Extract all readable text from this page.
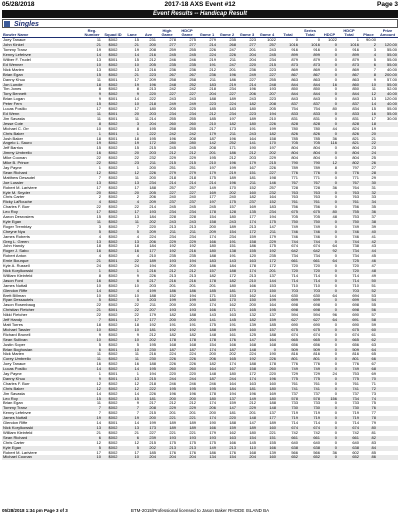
05/28/2018	2017-18 AXS Event #12	Page 3
Event Results -- Handicap Result
Singles
Bowler Name	Reg. Number	Squad ID	Lane	Ave	High Game	HDCP Game	Game 1	Game 2	Game 3	Game 4	Total	Series Total	HDCP	HDCP Total	Place	Prize Amount
Joey Tanaue	11	$002	15	231	278	275	279	235	223	1022	0	0	1022	1	90.00	
John Kinkel	21	$002	21	200	277	277	214	268	277	257	1016	1016	0	1016	2	120.00
Tommy Tranz	19	$002	19	208	259	255	226	247	201	243	916	916	0	916	3	55.00
Kenny Lefebvre	14	$002	14	216	245	245	224	226	204	245	899	899	0	899	4	55.00
Wilber F. Trudel	13	$001	15	212	246	246	219	211	204	234	879	879	0	879	5	55.00
Ed Wenner	10	$002	10	205	235	235	191	247	220	215	873	873	0	873	6	55.00
Nick Marien	13	$002	13	216	236	236	212	201	236	223	869	869	0	869	7	40.00
Brian Egan	15	$002	21	223	267	267	236	196	249	227	867	867	0	867	8	200.00
Danny Khuu	11	$001	17	209	258	258	211	186	227	255	863	863	0	863	9	57.00
Jon Lundie	18	$002	19	196	248	252	183	219	214	248	844	844	16	860	10	55.00
Tim Jones	8	$002	8	213	242	242	218	234	196	193	850	850	0	850	11	52.00
Tony Bennett	9	$002	9	220	227	227	204	227	206	207	844	844	0	844	12	40.00
Brian Logan	9	$001	14	222	243	243	188	189	243	223	843	843	0	843	13	120.00
Peter Fern	15	$002	10	218	249	249	223	224	182	208	837	837	0	837	14	40.00
Lucas Posillo	17	$002	17	180	205	225	185	183	180	205	754	754	80	834	15	55.00
Ed Wenn	11	$001	20	203	234	234	212	234	223	194	833	833	0	833	16	55.00
Jim Savasta	11	$001	11	214	255	255	185	197	189	210	831	831	0	831	17	30.00
Jesse Cote	8	$002	3	204	260	260	210	182	180	226	828	828	0	828	18	
Michael C. Orr	10	$002	8	195	258	255	217	173	191	199	780	780	44	824	19	
Chris Baker	1	$001	1	222	242	242	179	211	243	182	826	826	0	826	20	
Josh Baker	18	$001	18	195	196	208	187	196	164	158	785	785	36	821	21	
Angelo L. Sauro	19	$002	19	172	280	280	142	252	141	170	705	705	116	821	22	
Jeff Barrios	15	$002	15	215	245	245	208	171	190	197	804	804	0	804	23	
Jimmy Umbrello	16	$002	20	203	212	212	201	186	212	202	804	804	0	804	24	
Mike Coonan	22	$002	22	232	229	229	195	212	203	229	804	804	0	804	25	
Mike B. Prince	22	$002	23	211	215	215	210	196	179	215	790	790	12	802	26	
Jay Payne	1	$002	1	200	251	251	197	199	167	226	789	789	8	797	27	
Sean Richard	12	$002	12	226	279	279	179	219	151	227	776	776	0	776	28	
Matthew Desautel	7	$002	11	200	218	218	175	189	181	198	771	771	0	771	29	
Joe Lussier	13	$002	13	234	214	214	214	196	211	146	767	767	0	767	30	
Robert M. Lariviere	17	$002	17	188	257	257	149	170	152	257	728	728	36	764	31	
Kyle M. Snyder	20	$002	20	205	227	227	169	202	160	232	763	763	0	763	32	
Chris Carter	2	$002	2	206	240	240	177	240	182	164	763	763	0	763	33	
Ricky LaRouche	4	$002	4	209	237	237	197	175	237	152	761	761	0	761	34	
Charles F. Burr	22	$002	22	214	245	245	245	157	169	183	756	756	0	756	35	
Leo Roy	17	$002	17	193	234	234	178	128	135	234	675	675	80	755	36	
Aaron Desrosiers	15	$002	13	184	228	228	154	180	177	194	705	705	48	753	37	
Kyle Egan	11	$002	11	202	243	243	158	243	174	175	750	750	0	750	38	
Roger Tremblay	3	$002	7	220	213	213	200	189	213	147	749	749	0	749	39	
Cheyne Nya	5	$002	5	209	211	211	209	154	172	211	746	746	0	746	40	
James Roberts	4	$002	4	224	234	234	174	234	159	179	746	746	0	746	41	
Greg L. Green	13	$002	13	206	229	229	166	191	158	229	744	744	0	744	42	
John Handy	18	$002	18	184	192	192	180	151	186	175	674	674	64	738	43	
Roger J. Sabo	16	$002	16	177	192	216	180	138	155	192	642	642	92	734	44	
Robert Anton	4	$002	4	210	235	235	188	191	120	235	734	734	0	734	45	
Ernie Bourque	21	$001	22	189	193	194	183	143	163	172	661	661	64	725	46	
Kyle A. Russell	24	$002	24	194	200	200	186	184	178	172	720	720	0	720	47	
Nick Korylkowski	1	$002	1	216	212	212	157	188	174	201	720	720	0	720	48	
William Kleinfeld	8	$002	9	226	213	213	182	172	213	137	714	714	0	714	49	
Jason Ford	16	$002	6	217	216	216	178	182	210	144	714	714	0	714	50	
James Nuttall	10	$002	10	203	201	201	201	180	166	153	710	710	0	710	51	
Glendon Riffe	14	$002	4	199	186	186	185	181	173	150	703	703	0	703	52	
Brett Billman	10	$002	10	188	152	194	171	153	162	144	630	630	64	694	53	
Ryan Dessautels	5	$002	5	203	199	199	180	170	150	199	699	699	0	699	54	
Jason Rosenbaug	22	$002	22	211	200	200	174	162	200	164	698	698	0	698	55	
Christian Fletcher	21	$001	22	207	193	193	166	171	165	195	698	698	0	698	56	
Nikki Fletcher	22	$002	22	179	182	188	143	163	132	137	594	594	96	690	57	
Jeff Handy	7	$001	17	177	200	200	141	145	182	159	627	627	64	691	58	
Matt Torres	18	$002	18	192	191	191	175	191	139	185	690	690	0	690	59	
Michael Tassier	10	$002	10	181	192	192	188	159	160	157	675	675	0	675	60	
Richard Brunell	9	$002	9	212	182	182	148	161	125	188	674	674	0	674	61	
Sean Sullivan	10	$002	10	202	178	178	178	176	147	164	665	665	0	665	62	
Justin Soper	5	$002	5	195	168	168	154	166	168	168	656	656	0	656	63	
Brian Boghosian	6	$001	10	230	187	187	174	187	148	0	509	509	0	509	64	
Nick Marien	11	$002	11	216	224	224	200	202	224	190	816	816	0	816	65	
Corey Umbrello	11	$002	11	230	226	226	206	165	192	226	801	801	0	801	66	
Joey Tanaue	16	$002	16	188	226	226	182	174	188	178	776	776	0	776	67	
Lucas Posillo	14	$002	14	195	260	260	164	167	158	260	749	749	0	749	68	
Jay Payne	1	$001	1	194	220	220	148	180	172	220	729	729	24	753	69	
Danny Khuu	9	$001	13	215	244	244	187	244	174	196	775	775	0	775	70	
Charles F. Burr	12	$002	12	218	246	246	246	164	163	160	761	761	0	761	71	
Chris Baker	12	$002	12	222	195	195	195	184	181	180	741	741	0	741	72	
Jim Savasta	14	$002	14	226	196	196	178	194	196	169	737	737	0	737	73	
Leo Roy	15	$002	15	181	200	200	180	137	149	180	578	578	156	734	74	
Brian Egan	11	$002	9	217	212	212	174	159	212	188	733	733	0	733	75	
Tommy Tranz	7	$002	7	208	229	229	206	147	229	148	730	730	0	730	76	
Kenny Lefebvre	7	$002	7	215	201	201	200	181	201	137	719	719	0	719	77	
James Nuttall	19	$002	19	200	221	221	174	220	148	177	719	719	0	719	78	
Glendon Riffe	14	$001	14	199	189	189	190	188	147	189	714	714	0	714	79	
Nick Korylkowski	13	$002	13	173	189	189	166	159	189	160	674	674	0	674	80	
William Kleinfeld	21	$002	21	227	221	221	179	162	180	221	742	742	0	742	81	
Sean Richard	6	$002	6	239	193	193	193	163	154	151	661	661	0	661	82	
Chris Carter	12	$002	12	215	175	175	175	166	145	155	640	640	0	640	83	
Kyle Egan	5	$002	5	202	213	213	149	213	110	166	638	638	0	638	84	
Robert M. Lariviere	17	$002	17	185	176	176	186	176	168	139	566	566	36	602	85	
Michael Coonan	10	$002	10	204	204	204	134	154	204	160	652	652	0	652	86	
05/28/2018 1:34 pm Page 3 of 3	BTM-2015/Professional licensed to Jason Baker RHODE ISLAND BA
